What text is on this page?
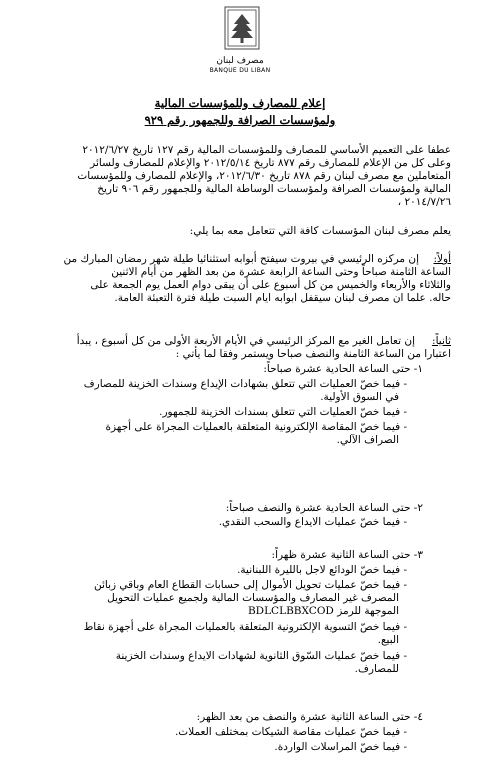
مصرف لبنان
BANQUE DU LIBAN
إعلام للمصارف وللمؤسسات المالية
ولمؤسسات الصرافة وللجمهور رقم ٩٢٩
عطفا على التعميم الأساسي للمصارف وللمؤسسات المالية رقم ١٢٧ تاريخ ٢٠١٢/٦/٢٧
وعلى كل من الإعلام للمصارف رقم ٨٧٧ تاريخ ٢٠١٢/٥/١٤ والإعلام للمصارف ولسائر
المتعاملين مع مصرف لبنان رقم ٨٧٨ تاريخ ٢٠١٢/٦/٣٠، والإعلام للمصارف وللمؤسسات
المالية ولمؤسسات الصرافة ولمؤسسات الوساطة المالية وللجمهور رقم ٩٠٦ تاريخ
٢٠١٤/٧/٢٦ ،
يعلم مصرف لبنان المؤسسات كافة التي تتعامل معه بما يلي:
أولاً:
إن مركزه الرئيسي في بيروت سيفتح أبوابه استثنائيا طيلة شهر رمضان المبارك من
الساعة الثامنة صباحاً وحتى الساعة الرابعة عشرة من بعد الظهر من أيام الاثنين
والثلاثاء والأربعاء والخميس من كل أسبوع على أن يبقى دوام العمل يوم الجمعة على
حاله. علما ان مصرف لبنان سيقفل ابوابه ايام السبت طيلة فترة التعبئة العامة.
ثانياً:
إن تعامل الغير مع المركز الرئيسي في الأيام الأربعة الأولى من كل أسبوع ، يبدأ
اعتبارا من الساعة الثامنة والنصف صباحا ويستمر وفقا لما يأتي :
١- حتى الساعة الحادية عشرة صباحاً:
- فيما خصّ العمليات التي تتعلق بشهادات الإيداع وسندات الخزينة للمصارف
في السوق الأولية.
- فيما خصّ العمليات التي تتعلق بسندات الخزينة للجمهور.
- فيما خصّ المقاصة الإلكترونية المتعلقة بالعمليات المجراة على أجهزة
الصراف الآلي.
٢- حتى الساعة الحادية عشرة والنصف صباحاً:
- فيما خصّ عمليات الايداع والسحب النقدي.
٣- حتى الساعة الثانية عشرة ظهراً:
- فيما خصّ الودائع لاجل بالليرة اللبنانية.
- فيما خصّ عمليات تحويل الأموال إلى حسابات القطاع العام وباقي زبائن
المصرف غير المصارف والمؤسسات المالية ولجميع عمليات التحويل
الموجهة للرمز BDLCLBBXCOD
- فيما خصّ التسوية الإلكترونية المتعلقة بالعمليات المجراة على أجهزة نقاط
البيع.
- فيما خصّ عمليات السّوق الثانوية لشهادات الايداع وسندات الخزينة
للمصارف.
٤- حتى الساعة الثانية عشرة والنصف من بعد الظهر:
- فيما خصّ عمليات مقاصة الشيكات بمختلف العملات.
- فيما خصّ المراسلات الواردة.
